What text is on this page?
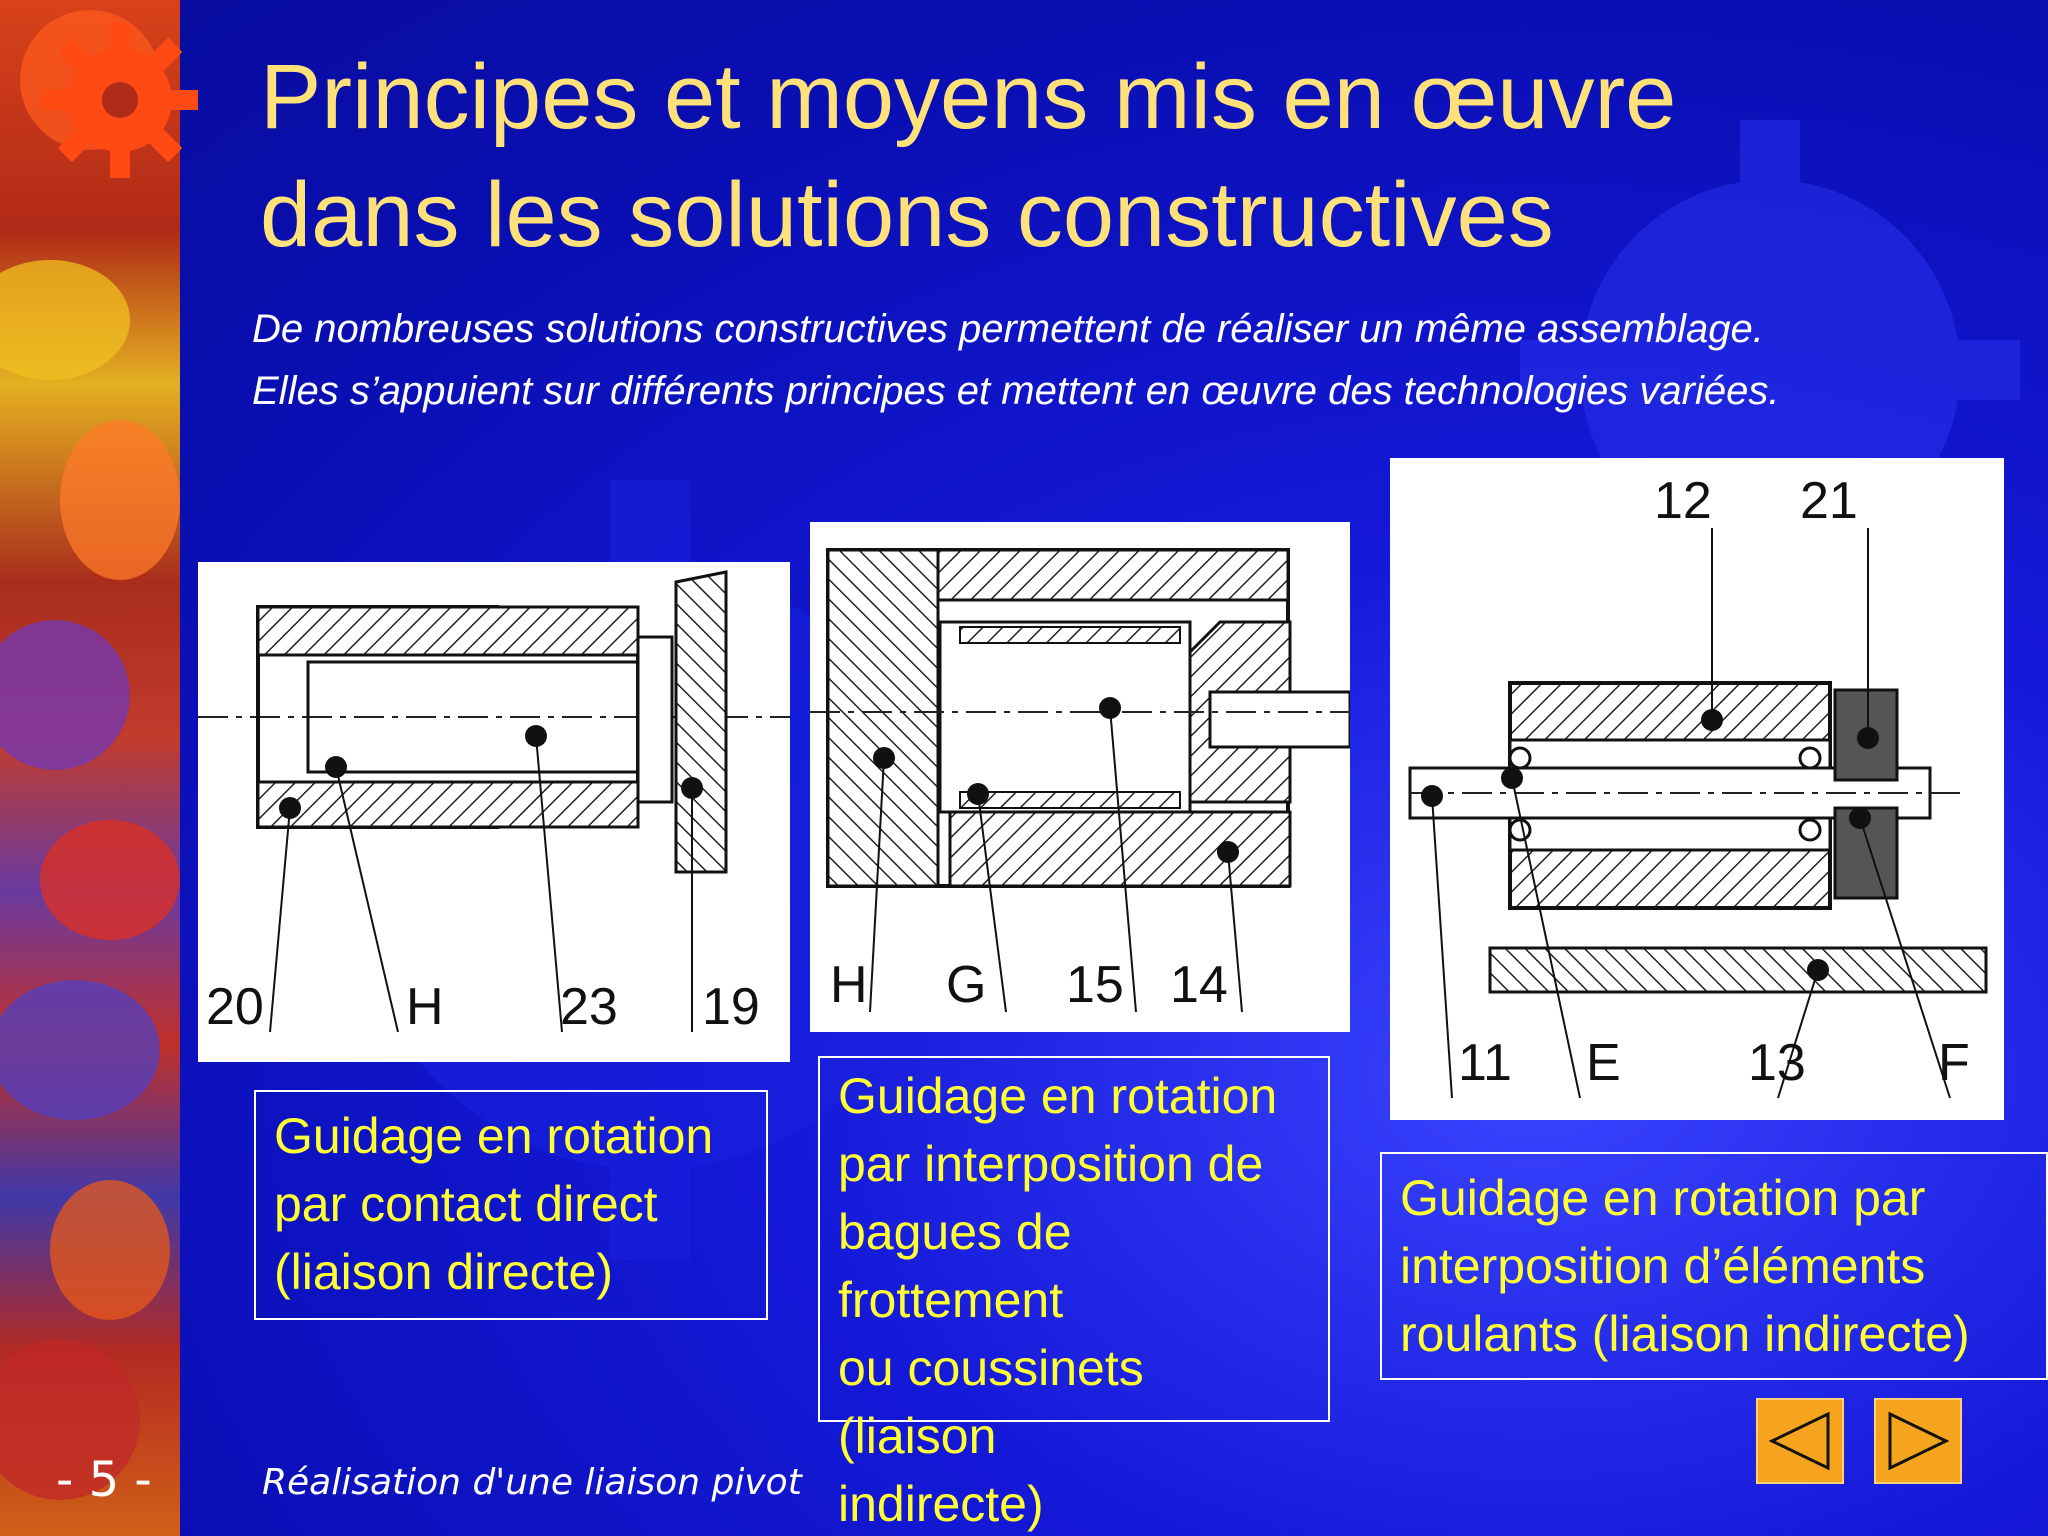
Principes et moyens mis en œuvre
dans les solutions constructives
De nombreuses solutions constructives permettent de réaliser un même assemblage.
Elles s’appuient sur différents principes et mettent en œuvre des technologies variées.
20	H 23 19 H G 15 14
12 21
11 E 13	F
Guidage en rotation
par contact direct
(liaison directe)
Guidage en rotation
par interposition de
bagues de frottement
ou coussinets (liaison
indirecte)
Guidage en rotation par
interposition d’éléments
roulants (liaison indirecte)
- 5 -	Réalisation d'une liaison pivot
